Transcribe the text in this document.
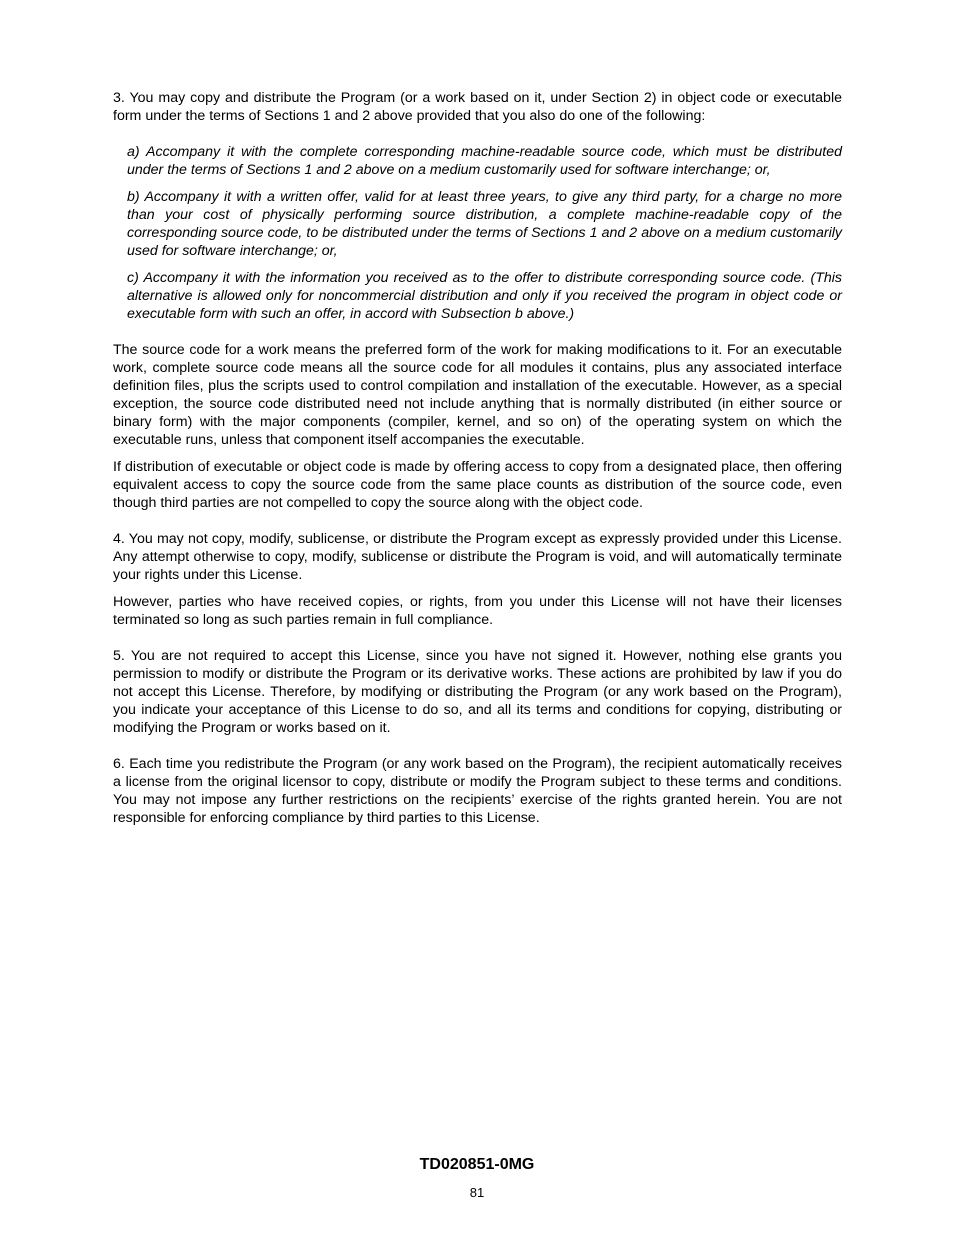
3. You may copy and distribute the Program (or a work based on it, under Section 2) in object code or executable form under the terms of Sections 1 and 2 above provided that you also do one of the following:

a) Accompany it with the complete corresponding machine-readable source code, which must be distributed under the terms of Sections 1 and 2 above on a medium customarily used for software interchange; or,

b) Accompany it with a written offer, valid for at least three years, to give any third party, for a charge no more than your cost of physically performing source distribution, a complete machine-readable copy of the corresponding source code, to be distributed under the terms of Sections 1 and 2 above on a medium customarily used for software interchange; or,

c) Accompany it with the information you received as to the offer to distribute corresponding source code. (This alternative is allowed only for noncommercial distribution and only if you received the program in object code or executable form with such an offer, in accord with Subsection b above.)

The source code for a work means the preferred form of the work for making modifications to it. For an executable work, complete source code means all the source code for all modules it contains, plus any associated interface definition files, plus the scripts used to control compilation and installation of the executable. However, as a special exception, the source code distributed need not include anything that is normally distributed (in either source or binary form) with the major components (compiler, kernel, and so on) of the operating system on which the executable runs, unless that component itself accompanies the executable.

If distribution of executable or object code is made by offering access to copy from a designated place, then offering equivalent access to copy the source code from the same place counts as distribution of the source code, even though third parties are not compelled to copy the source along with the object code.

4. You may not copy, modify, sublicense, or distribute the Program except as expressly provided under this License. Any attempt otherwise to copy, modify, sublicense or distribute the Program is void, and will automatically terminate your rights under this License.

However, parties who have received copies, or rights, from you under this License will not have their licenses terminated so long as such parties remain in full compliance.

5. You are not required to accept this License, since you have not signed it. However, nothing else grants you permission to modify or distribute the Program or its derivative works. These actions are prohibited by law if you do not accept this License. Therefore, by modifying or distributing the Program (or any work based on the Program), you indicate your acceptance of this License to do so, and all its terms and conditions for copying, distributing or modifying the Program or works based on it.

6. Each time you redistribute the Program (or any work based on the Program), the recipient automatically receives a license from the original licensor to copy, distribute or modify the Program subject to these terms and conditions. You may not impose any further restrictions on the recipients’ exercise of the rights granted herein. You are not responsible for enforcing compliance by third parties to this License.

TD020851-0MG
81
